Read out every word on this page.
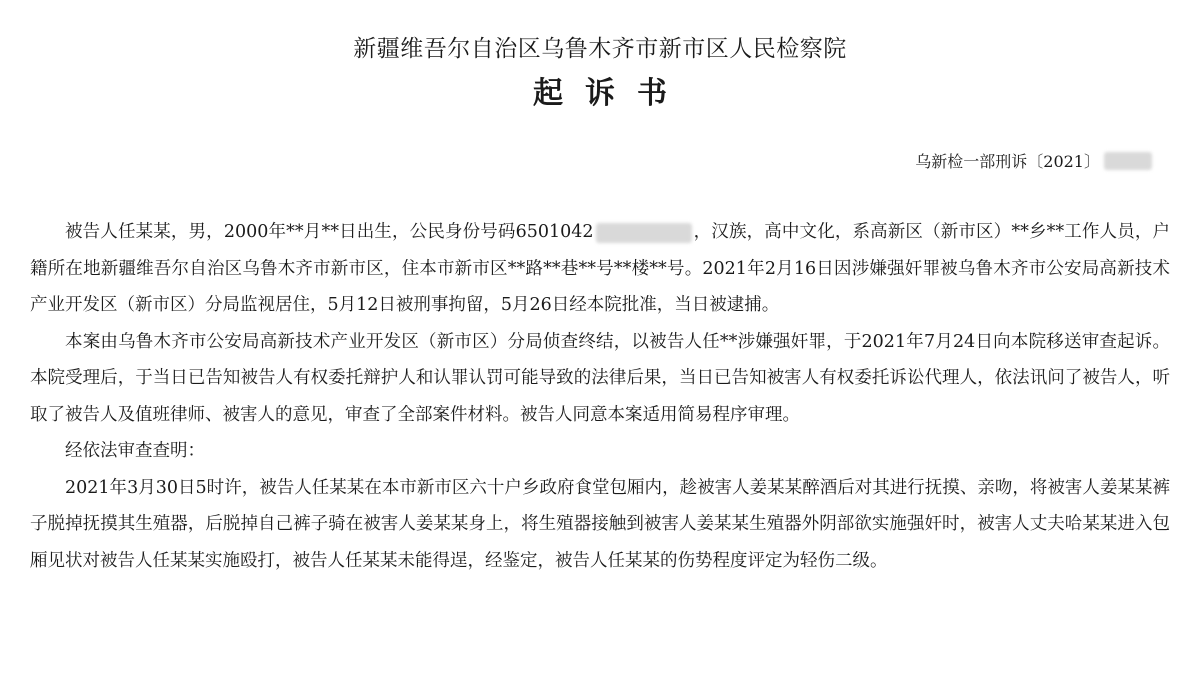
新疆维吾尔自治区乌鲁木齐市新市区人民检察院
起诉书
乌新检一部刑诉〔2021〕

被告人任某某，男，2000年**月**日出生，公民身份号码6501042	，汉族，高中文化，系高新区（新市区）**乡**工作人员，户籍所在地新疆维吾尔自治区乌鲁木齐市新市区，住本市新市区**路**巷**号**楼**号。2021年2月16日因涉嫌强奸罪被乌鲁木齐市公安局高新技术产业开发区（新市区）分局监视居住，5月12日被刑事拘留，5月26日经本院批准，当日被逮捕。

本案由乌鲁木齐市公安局高新技术产业开发区（新市区）分局侦查终结，以被告人任**涉嫌强奸罪，于2021年7月24日向本院移送审查起诉。本院受理后，于当日已告知被告人有权委托辩护人和认罪认罚可能导致的法律后果，当日已告知被害人有权委托诉讼代理人，依法讯问了被告人，听取了被告人及值班律师、被害人的意见，审查了全部案件材料。被告人同意本案适用简易程序审理。

经依法审查查明：

2021年3月30日5时许，被告人任某某在本市新市区六十户乡政府食堂包厢内，趁被害人姜某某醉酒后对其进行抚摸、亲吻，将被害人姜某某裤子脱掉抚摸其生殖器，后脱掉自己裤子骑在被害人姜某某身上，将生殖器接触到被害人姜某某生殖器外阴部欲实施强奸时，被害人丈夫哈某某进入包厢见状对被告人任某某实施殴打，被告人任某某未能得逞，经鉴定，被告人任某某的伤势程度评定为轻伤二级。
